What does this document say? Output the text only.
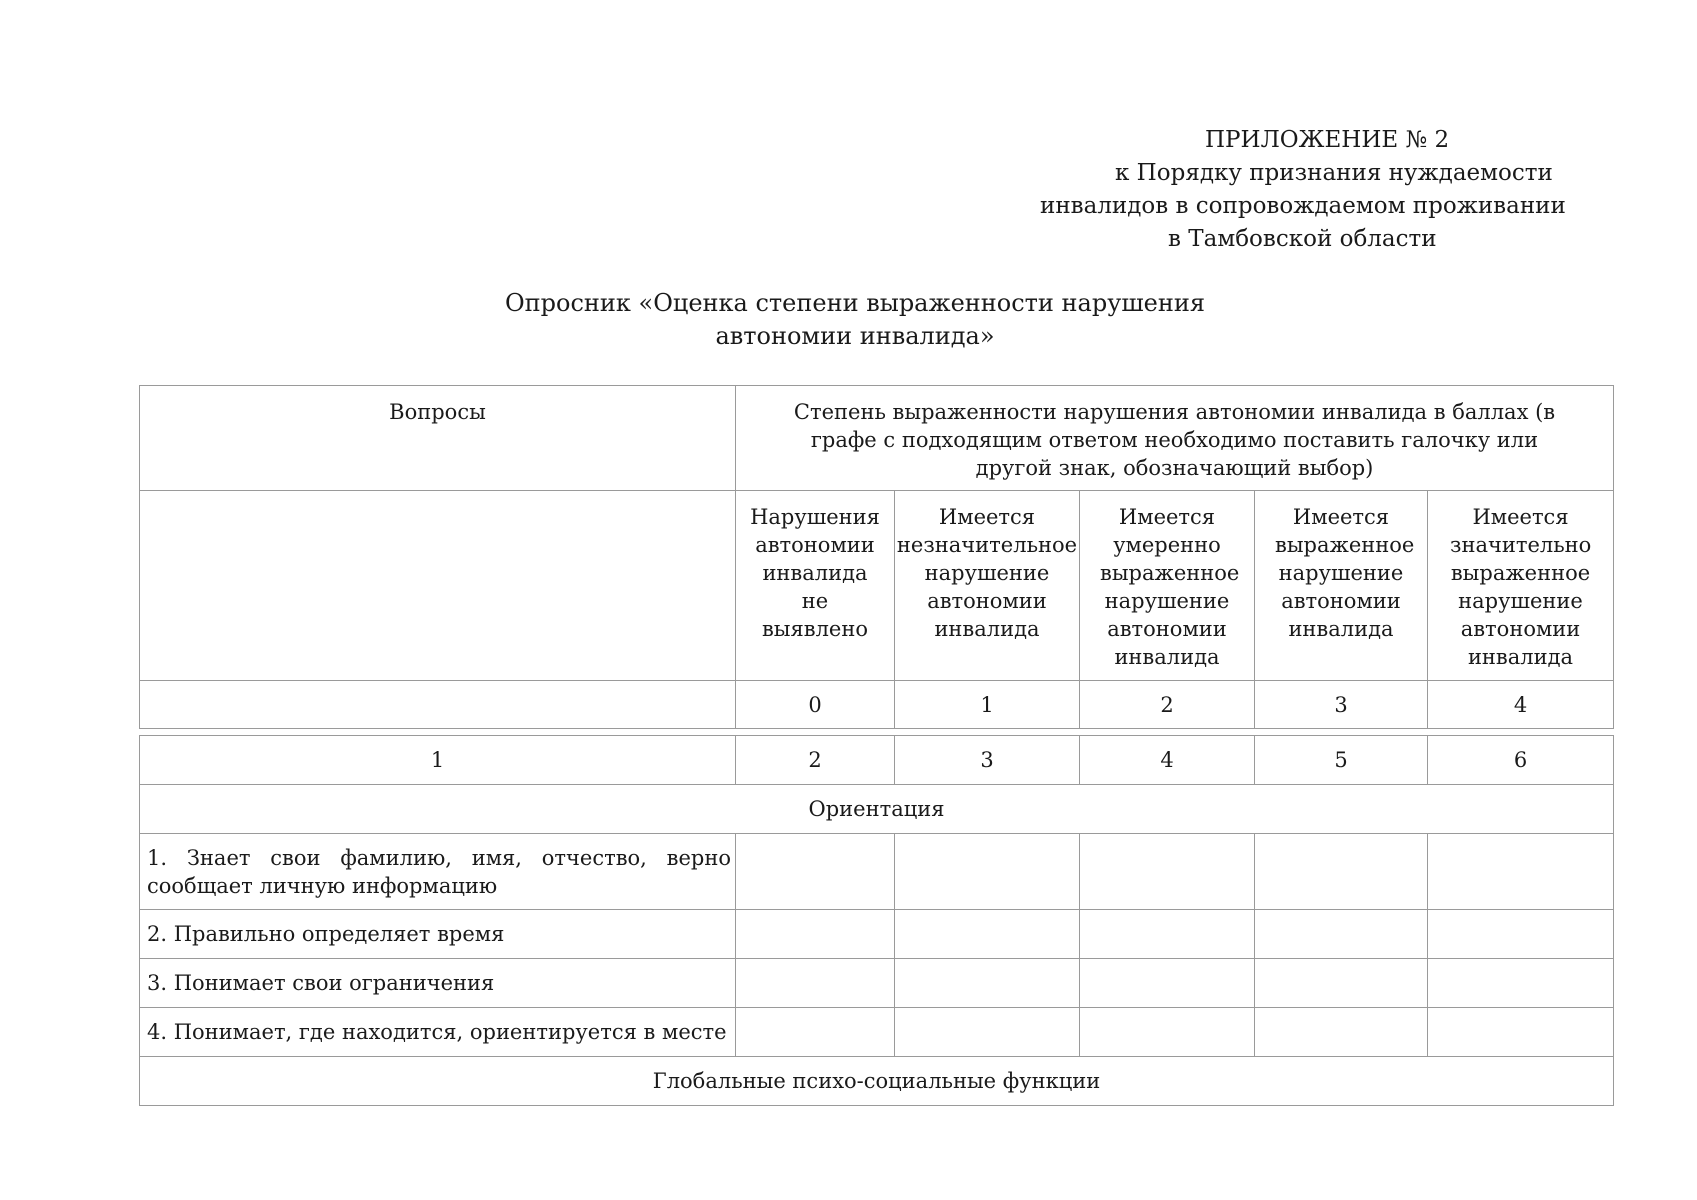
ПРИЛОЖЕНИЕ № 2
к Порядку признания нуждаемости
инвалидов в сопровождаемом проживании
в Тамбовской области
Опросник «Оценка степени выраженности нарушения
автономии инвалида»
Вопросы	Степень выраженности нарушения автономии инвалида в баллах (в графе с подходящим ответом необходимо поставить галочку или другой знак, обозначающий выбор)				
	Нарушения автономии инвалида не выявлено	Имеется незначительное нарушение автономии инвалида	Имеется умеренно выраженное нарушение автономии инвалида	Имеется выраженное нарушение автономии инвалида	Имеется значительно выраженное нарушение автономии инвалида
	0	1	2	3	4
1	2	3	4	5	6
Ориентация					

1. Знает свои фамилию, имя, отчество, верно сообщает личную информацию					

2. Правильно определяет время					
3. Понимает свои ограничения					
4. Понимает, где находится, ориентируется в месте					
Глобальные психо-социальные функции					
